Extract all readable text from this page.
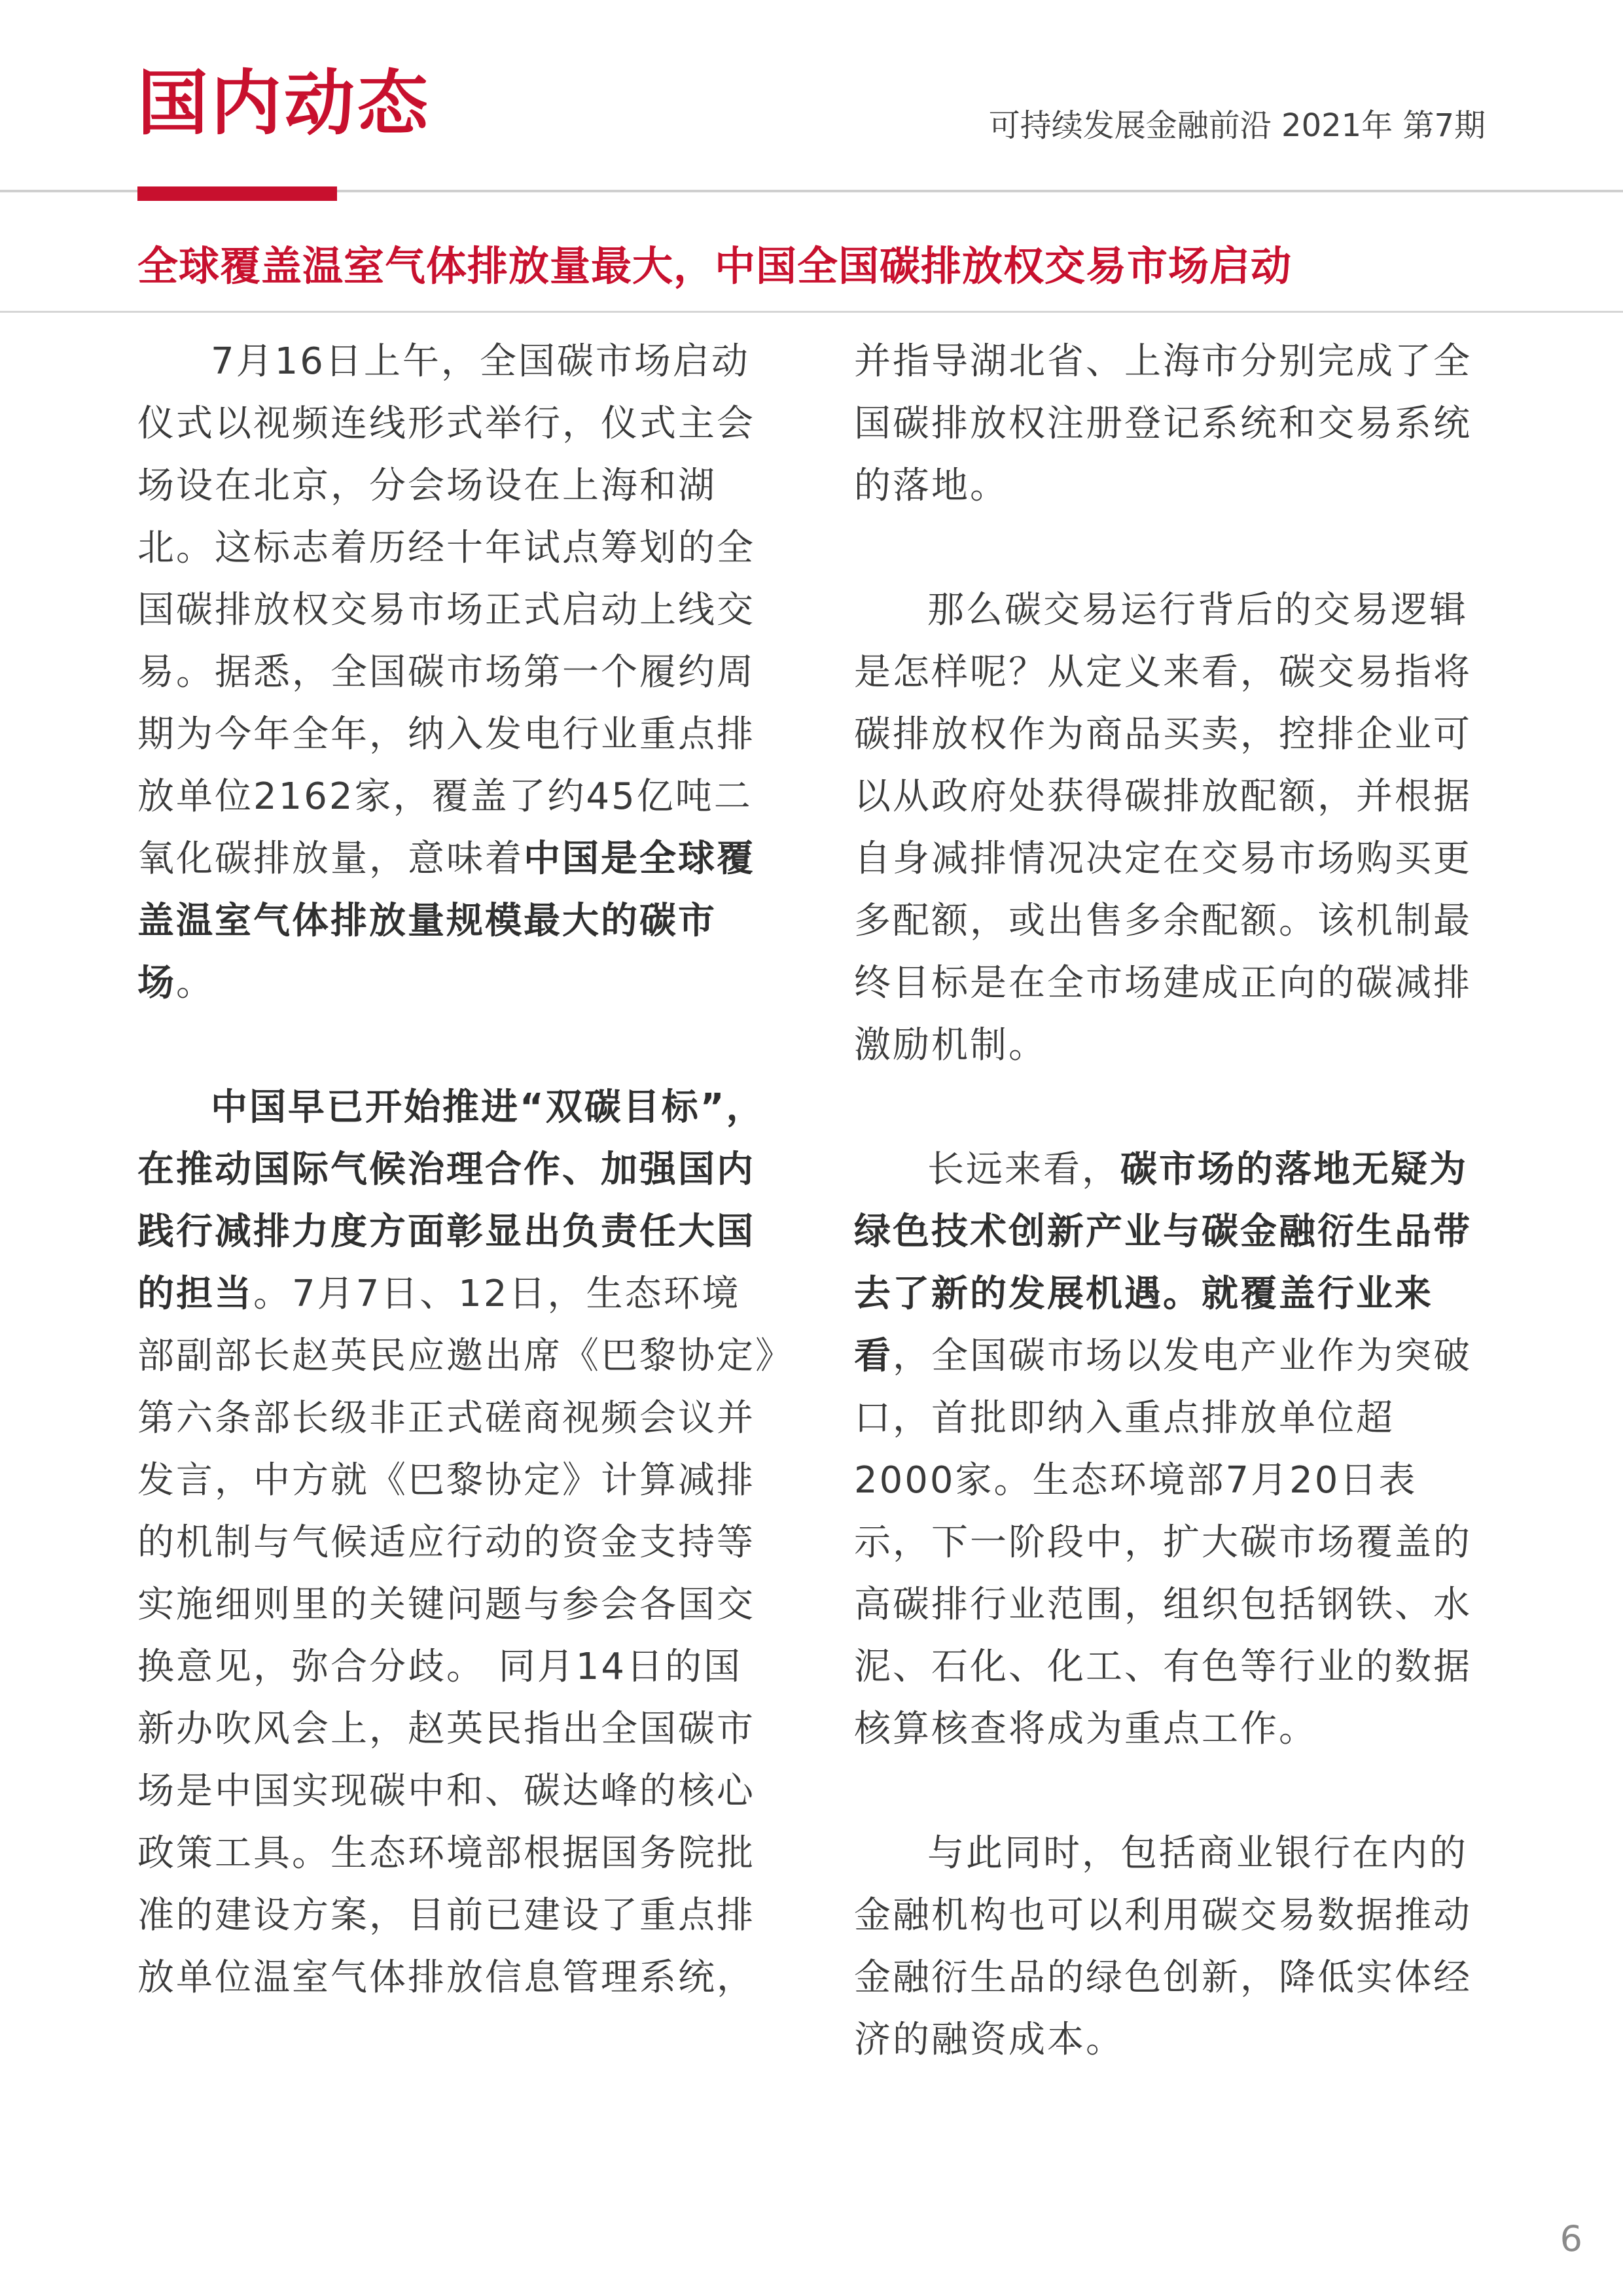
国内动态	可持续发展金融前沿 2021年 第7期
全球覆盖温室气体排放量最大，中国全国碳排放权交易市场启动

7月16日上午，全国碳市场启动仪式以视频连线形式举行，仪式主会场设在北京，分会场设在上海和湖北。这标志着历经十年试点筹划的全国碳排放权交易市场正式启动上线交易。据悉，全国碳市场第一个履约周期为今年全年，纳入发电行业重点排放单位2162家，覆盖了约45亿吨二氧化碳排放量，意味着中国是全球覆盖温室气体排放量规模最大的碳市场。

中国早已开始推进“双碳目标”，在推动国际气候治理合作、加强国内践行减排力度方面彰显出负责任大国的担当。7月7日、12日，生态环境部副部长赵英民应邀出席《巴黎协定》第六条部长级非正式磋商视频会议并发言，中方就《巴黎协定》计算减排的机制与气候适应行动的资金支持等实施细则里的关键问题与参会各国交换意见，弥合分歧。 同月14日的国新办吹风会上，赵英民指出全国碳市场是中国实现碳中和、碳达峰的核心政策工具。生态环境部根据国务院批准的建设方案，目前已建设了重点排放单位温室气体排放信息管理系统，

并指导湖北省、上海市分别完成了全国碳排放权注册登记系统和交易系统的落地。

那么碳交易运行背后的交易逻辑是怎样呢？从定义来看，碳交易指将碳排放权作为商品买卖，控排企业可以从政府处获得碳排放配额，并根据自身减排情况决定在交易市场购买更多配额，或出售多余配额。该机制最终目标是在全市场建成正向的碳减排激励机制。

长远来看，碳市场的落地无疑为绿色技术创新产业与碳金融衍生品带去了新的发展机遇。就覆盖行业来看，全国碳市场以发电产业作为突破口，首批即纳入重点排放单位超2000家。生态环境部7月20日表示，下一阶段中，扩大碳市场覆盖的高碳排行业范围，组织包括钢铁、水泥、石化、化工、有色等行业的数据核算核查将成为重点工作。

与此同时，包括商业银行在内的金融机构也可以利用碳交易数据推动金融衍生品的绿色创新，降低实体经济的融资成本。

6
